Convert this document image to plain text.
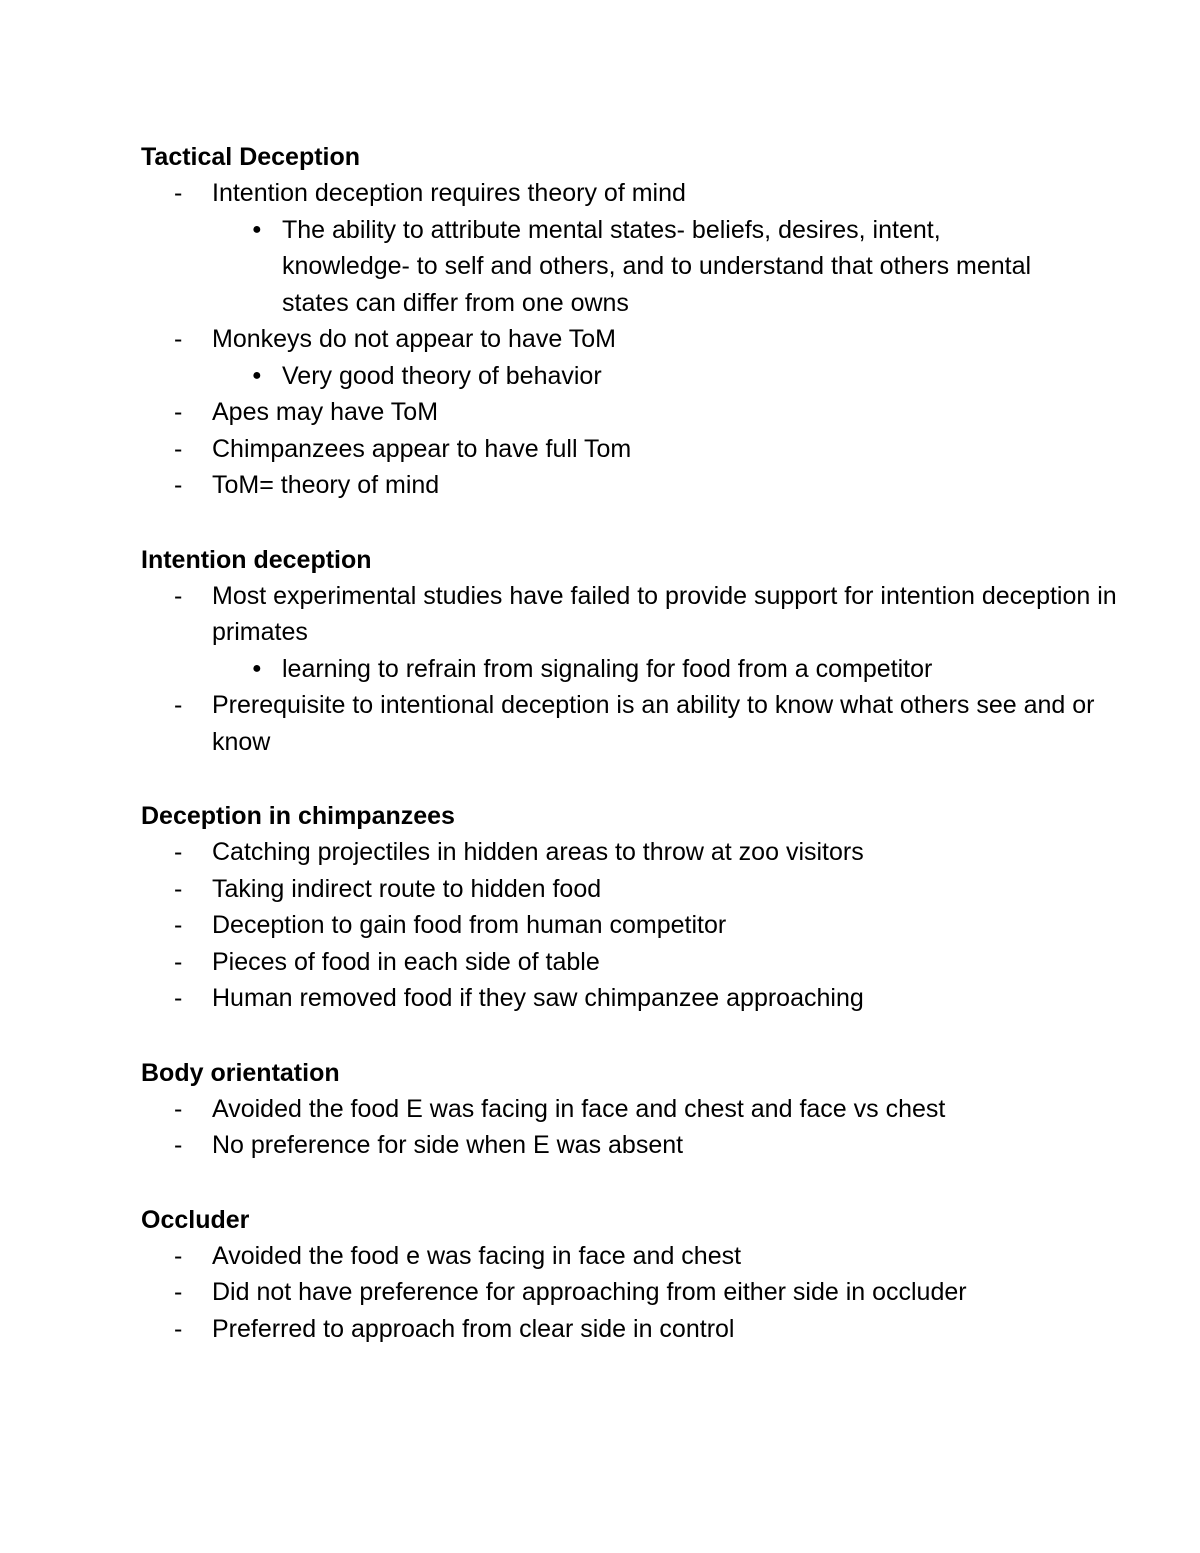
Tactical Deception
- Intention deception requires theory of mind
● The ability to attribute mental states- beliefs, desires, intent, knowledge- to self and others, and to understand that others mental states can differ from one owns
- Monkeys do not appear to have ToM
● Very good theory of behavior
- Apes may have ToM
- Chimpanzees appear to have full Tom
- ToM= theory of mind
Intention deception
- Most experimental studies have failed to provide support for intention deception in primates
● learning to refrain from signaling for food from a competitor
- Prerequisite to intentional deception is an ability to know what others see and or know
Deception in chimpanzees
- Catching projectiles in hidden areas to throw at zoo visitors
- Taking indirect route to hidden food
- Deception to gain food from human competitor
- Pieces of food in each side of table
- Human removed food if they saw chimpanzee approaching
Body orientation
- Avoided the food E was facing in face and chest and face vs chest
- No preference for side when E was absent
Occluder
- Avoided the food e was facing in face and chest
- Did not have preference for approaching from either side in occluder
- Preferred to approach from clear side in control
